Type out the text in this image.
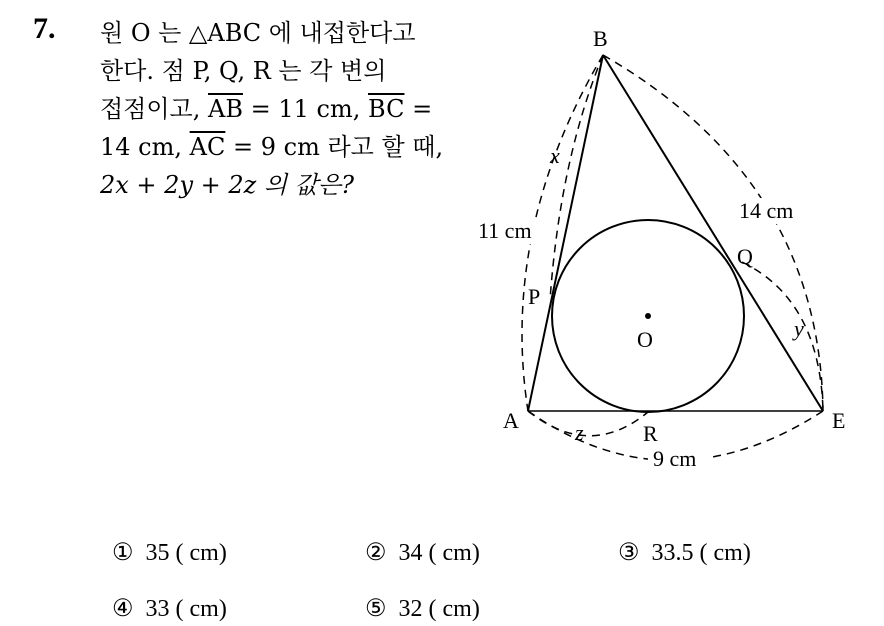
7. 원 O 는 △ABC 에 내접한다고
한다. 점 P, Q, R 는 각 변의
접점이고, $\overline{AB} = 11$ cm, $\overline{BC}$ =
14 cm, $\overline{AC} = 9$ cm 라고 할 때,
2x + 2y + 2z 의 값은?
B
A	E
P
Q
R
O
x
y
z
11 cm
14 cm
9 cm
① 35 ( cm)	② 34 ( cm)	③ 33.5 ( cm)
④ 33 ( cm)	⑤ 32 ( cm)
